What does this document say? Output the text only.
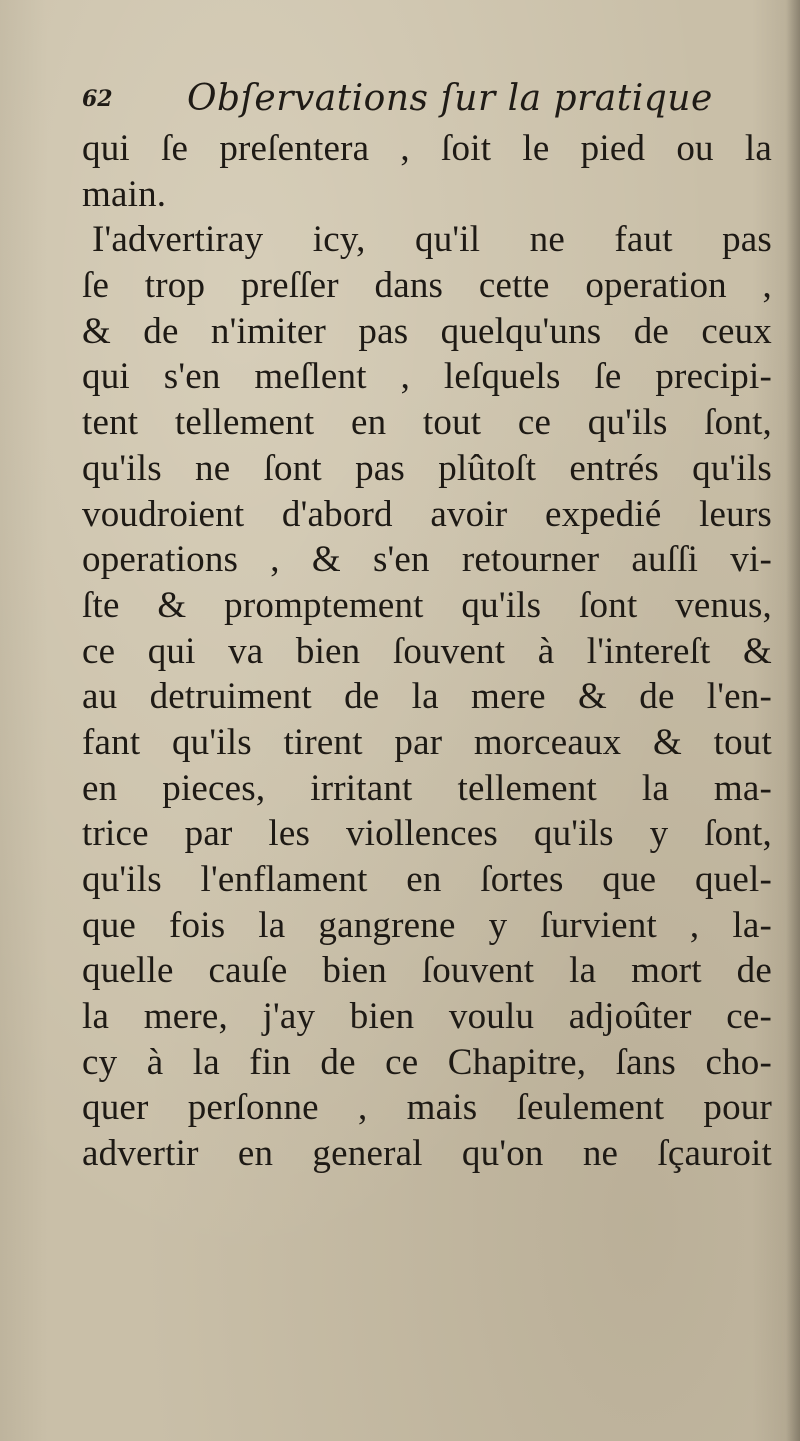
62 Obſervations ſur la pratique
qui ſe preſentera , ſoit le pied ou la
main.
I'advertiray icy, qu'il ne faut pas
ſe trop preſſer dans cette operation ,
& de n'imiter pas quelqu'uns de ceux
qui s'en meſlent , leſquels ſe precipi-
tent tellement en tout ce qu'ils ſont,
qu'ils ne ſont pas plûtoſt entrés qu'ils
voudroient d'abord avoir expedié leurs
operations , & s'en retourner auſſi vi-
ſte & promptement qu'ils ſont venus,
ce qui va bien ſouvent à l'intereſt &
au detruiment de la mere & de l'en-
fant qu'ils tirent par morceaux & tout
en pieces, irritant tellement la ma-
trice par les viollences qu'ils y ſont,
qu'ils l'enflament en ſortes que quel-
que fois la gangrene y ſurvient , la-
quelle cauſe bien ſouvent la mort de
la mere, j'ay bien voulu adjoûter ce-
cy à la fin de ce Chapitre, ſans cho-
quer perſonne , mais ſeulement pour
advertir en general qu'on ne ſçauroit
